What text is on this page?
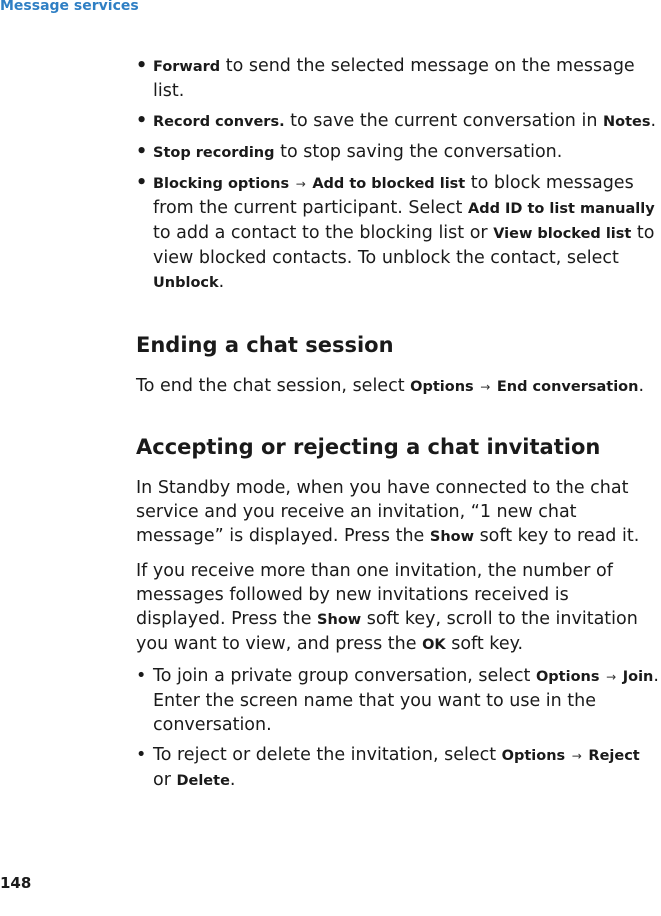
Message services
• Forward to send the selected message on the message list.
• Record convers. to save the current conversation in Notes.
• Stop recording to stop saving the conversation.
• Blocking options → Add to blocked list to block messages from the current participant. Select Add ID to list manually to add a contact to the blocking list or View blocked list to view blocked contacts. To unblock the contact, select Unblock.
Ending a chat session

To end the chat session, select Options → End conversation.

Accepting or rejecting a chat invitation

In Standby mode, when you have connected to the chat service and you receive an invitation, “1 new chat message” is displayed. Press the Show soft key to read it.

If you receive more than one invitation, the number of messages followed by new invitations received is displayed. Press the Show soft key, scroll to the invitation you want to view, and press the OK soft key.

• To join a private group conversation, select Options → Join. Enter the screen name that you want to use in the conversation.
• To reject or delete the invitation, select Options → Reject or Delete.
148
